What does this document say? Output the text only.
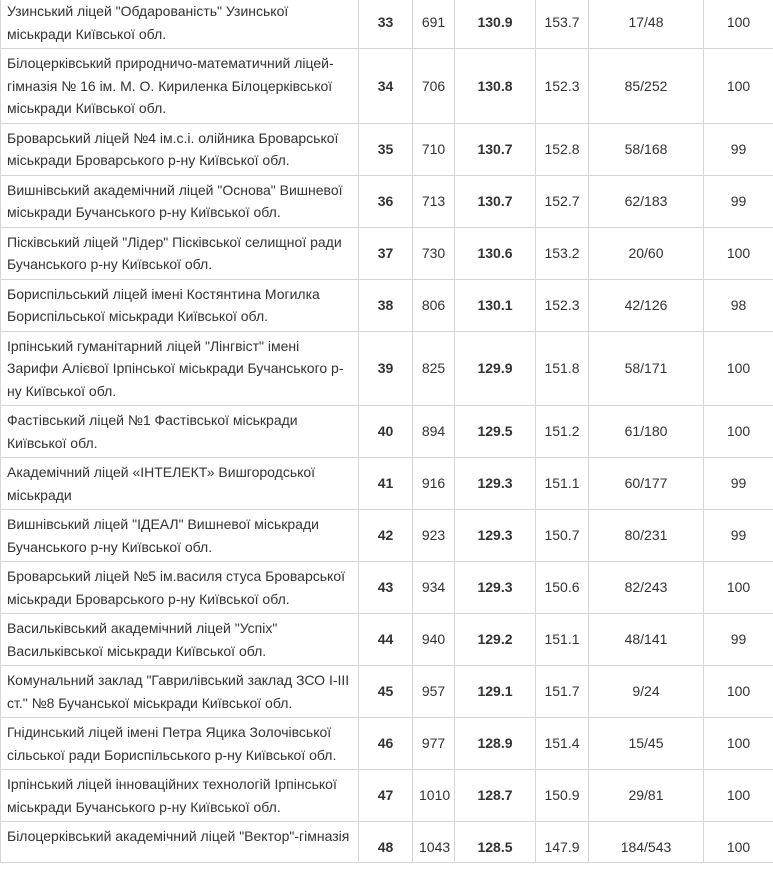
Узинський ліцей "Обдарованість" Узинської міськради Київської обл.	33	691	130.9	153.7	17/48	100
Білоцерківський природничо-математичний ліцей-гімназія № 16 ім. М. О. Кириленка Білоцерківської міськради Київської обл.	34	706	130.8	152.3	85/252	100
Броварський ліцей №4 ім.с.і. олійника Броварської міськради Броварського р-ну Київської обл.	35	710	130.7	152.8	58/168	99
Вишнівський академічний ліцей "Основа" Вишневої міськради Бучанського р-ну Київської обл.	36	713	130.7	152.7	62/183	99
Пісківський ліцей "Лідер" Пісківської селищної ради Бучанського р-ну Київської обл.	37	730	130.6	153.2	20/60	100
Бориспільський ліцей імені Костянтина Могилка Бориспільської міськради Київської обл.	38	806	130.1	152.3	42/126	98
Ірпінський гуманітарний ліцей "Лінгвіст" імені Зарифи Алієвої Ірпінської міськради Бучанського р-ну Київської обл.	39	825	129.9	151.8	58/171	100
Фастівський ліцей №1 Фастівської міськради Київської обл.	40	894	129.5	151.2	61/180	100
Академічний ліцей «ІНТЕЛЕКТ» Вишгородської міськради	41	916	129.3	151.1	60/177	99
Вишнівський ліцей "ІДЕАЛ" Вишневої міськради Бучанського р-ну Київської обл.	42	923	129.3	150.7	80/231	99
Броварський ліцей №5 ім.василя стуса Броварської міськради Броварського р-ну Київської обл.	43	934	129.3	150.6	82/243	100
Васильківський академічний ліцей "Успіх" Васильківської міськради Київської обл.	44	940	129.2	151.1	48/141	99
Комунальний заклад "Гаврилівський заклад ЗСО І-ІІІ ст." №8 Бучанської міськради Київської обл.	45	957	129.1	151.7	9/24	100
Гнідинський ліцей імені Петра Яцика Золочівської сільської ради Бориспільського р-ну Київської обл.	46	977	128.9	151.4	15/45	100
Ірпінський ліцей інноваційних технологій Ірпінської міськради Бучанського р-ну Київської обл.	47	1010	128.7	150.9	29/81	100
Білоцерківський академічний ліцей "Вектор"-гімназія	48	1043	128.5	147.9	184/543	100
